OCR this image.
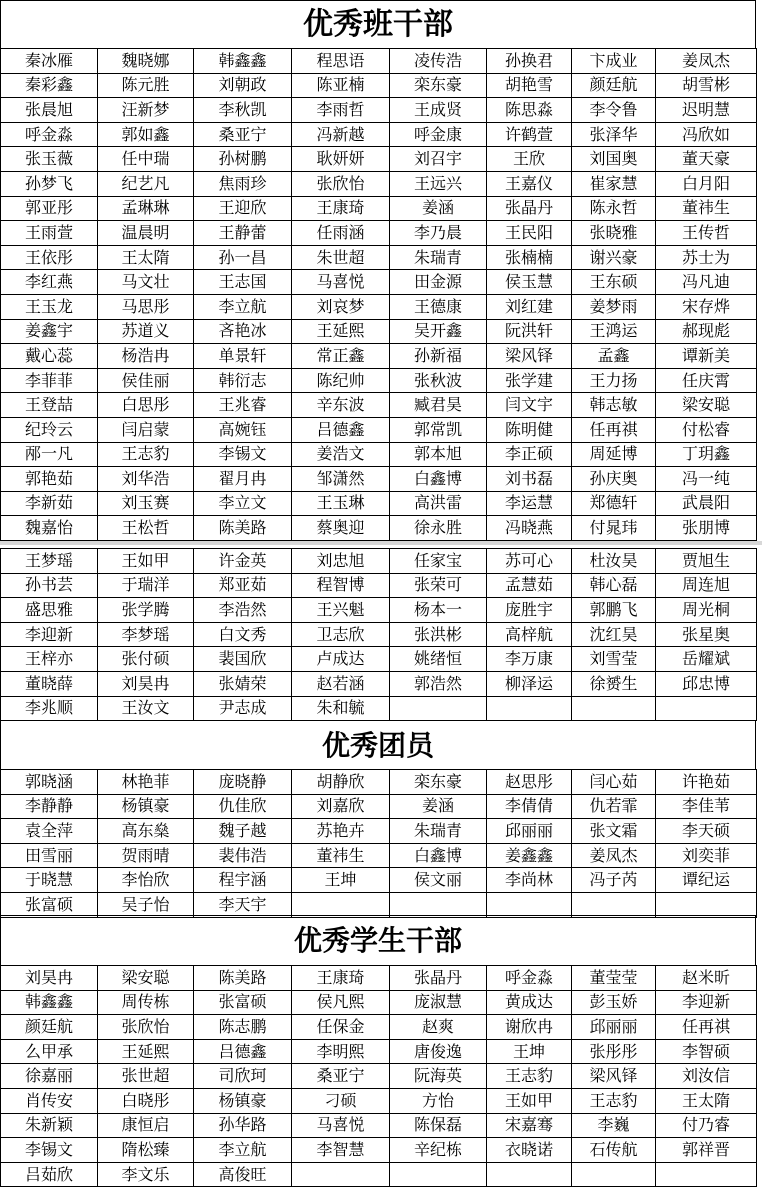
优秀班干部
秦冰雁	魏晓娜	韩鑫鑫	程思语	凌传浩	孙换君	卞成业	姜凤杰
秦彩鑫	陈元胜	刘朝政	陈亚楠	栾东豪	胡艳雪	颜廷航	胡雪彬
张晨旭	汪新梦	李秋凯	李雨哲	王成贤	陈思淼	李令鲁	迟明慧
呼金淼	郭如鑫	桑亚宁	冯新越	呼金康	许鹤萱	张泽华	冯欣如
张玉薇	任中瑞	孙树鹏	耿妍妍	刘召宇	王欣	刘国奥	董天豪
孙梦飞	纪艺凡	焦雨珍	张欣怡	王远兴	王嘉仪	崔家慧	白月阳
郭亚彤	孟琳琳	王迎欣	王康琦	姜涵	张晶丹	陈永哲	董祎生
王雨萱	温晨明	王静蕾	任雨涵	李乃晨	王民阳	张晓雅	王传哲
王依彤	王太隋	孙一昌	朱世超	朱瑞青	张楠楠	谢兴豪	苏士为
李红燕	马文壮	王志国	马喜悦	田金源	侯玉慧	王东硕	冯凡迪
王玉龙	马思彤	李立航	刘哀梦	王德康	刘红建	姜梦雨	宋存烨
姜鑫宇	苏道义	吝艳冰	王延熙	吴开鑫	阮洪轩	王鸿运	郝现彪
戴心蕊	杨浩冉	单景轩	常正鑫	孙新福	梁风铎	孟鑫	谭新美
李菲菲	侯佳丽	韩衍志	陈纪帅	张秋波	张学建	王力扬	任庆霄
王登喆	白思彤	王兆睿	辛东波	臧君昊	闫文宇	韩志敏	梁安聪
纪玲云	闫启蒙	高婉钰	吕德鑫	郭常凯	陈明健	任再祺	付松睿
邴一凡	王志豹	李锡文	姜浩文	郭本旭	李正硕	周延博	丁玥鑫
郭艳茹	刘华浩	翟月冉	邹潇然	白鑫博	刘书磊	孙庆奥	冯一纯
李新茹	刘玉赛	李立文	王玉琳	高洪雷	李运慧	郑德轩	武晨阳
魏嘉怡	王松哲	陈美路	蔡奥迎	徐永胜	冯晓燕	付晁玮	张朋博
王梦瑶	王如甲	许金英	刘忠旭	任家宝	苏可心	杜汝昊	贾旭生
孙书芸	于瑞洋	郑亚茹	程智博	张荣可	孟慧茹	韩心磊	周连旭
盛思雅	张学腾	李浩然	王兴魁	杨本一	庞胜宇	郭鹏飞	周光桐
李迎新	李梦瑶	白文秀	卫志欣	张洪彬	高梓航	沈红昊	张星奥
王梓亦	张付硕	裴国欣	卢成达	姚绪恒	李万康	刘雪莹	岳耀斌
董晓薛	刘昊冉	张婧荣	赵若涵	郭浩然	柳泽运	徐赟生	邱忠博
李兆顺	王汝文	尹志成	朱和毓				
优秀团员
郭晓涵	林艳菲	庞晓静	胡静欣	栾东豪	赵思彤	闫心茹	许艳茹
李静静	杨镇豪	仇佳欣	刘嘉欣	姜涵	李倩倩	仇若霏	李佳苇
袁全萍	高东燊	魏子越	苏艳卉	朱瑞青	邱丽丽	张文霜	李天硕
田雪丽	贺雨晴	裴伟浩	董祎生	白鑫博	姜鑫鑫	姜凤杰	刘奕菲
于晓慧	李怡欣	程宇涵	王坤	侯文丽	李尚林	冯子芮	谭纪运
张富硕	吴子怡	李天宇					
优秀学生干部
刘昊冉	梁安聪	陈美路	王康琦	张晶丹	呼金淼	董莹莹	赵米昕
韩鑫鑫	周传栋	张富硕	侯凡熙	庞淑慧	黄成达	彭玉娇	李迎新
颜廷航	张欣怡	陈志鹏	任保金	赵爽	谢欣冉	邱丽丽	任再祺
么甲承	王延熙	吕德鑫	李明熙	唐俊逸	王坤	张彤彤	李智硕
徐嘉丽	张世超	司欣珂	桑亚宁	阮海英	王志豹	梁风铎	刘汝信
肖传安	白晓彤	杨镇豪	刁硕	方怡	王如甲	王志豹	王太隋
朱新颖	康恒启	孙华路	马喜悦	陈保磊	宋嘉骞	李巍	付乃睿
李锡文	隋松臻	李立航	李智慧	辛纪栋	衣晓诺	石传航	郭祥晋
吕茹欣	李文乐	高俊旺					
